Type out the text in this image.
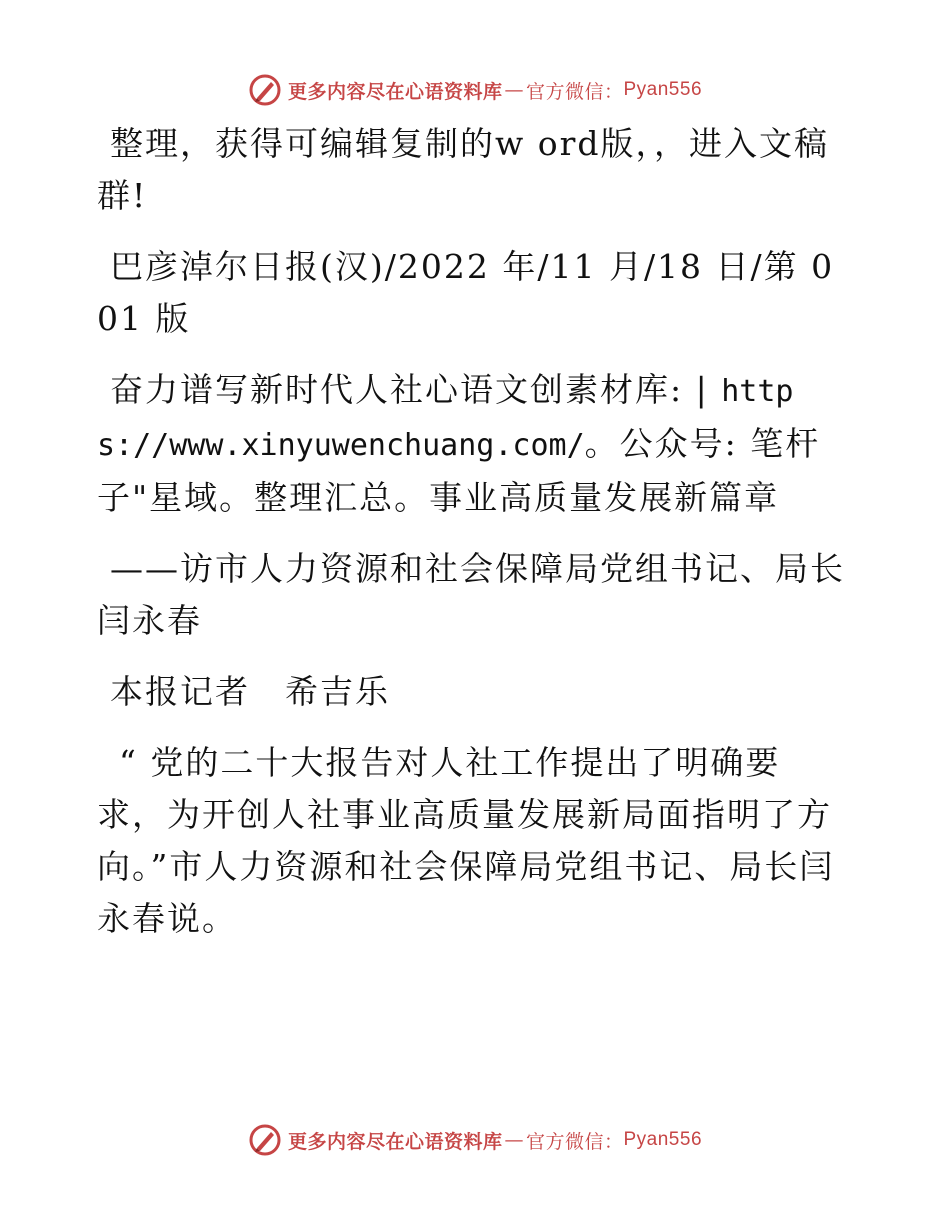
更多内容尽在心语资料库 — 官方微信： Pyan556

整理，获得可编辑复制的w ord版，，进入文稿群!

巴彦淖尔日报(汉)/2022 年/11 月/18 日/第 001 版

奋力谱写新时代人社心语文创素材库: | https://www.xinyuwenchuang.com/。公众号: 笔杆子"星域。整理汇总。事业高质量发展新篇章

——访市人力资源和社会保障局党组书记、局长闫永春

本报记者　希吉乐

“ 党的二十大报告对人社工作提出了明确要求，为开创人社事业高质量发展新局面指明了方向。”市人力资源和社会保障局党组书记、局长闫永春说。

更多内容尽在心语资料库 — 官方微信： Pyan556
